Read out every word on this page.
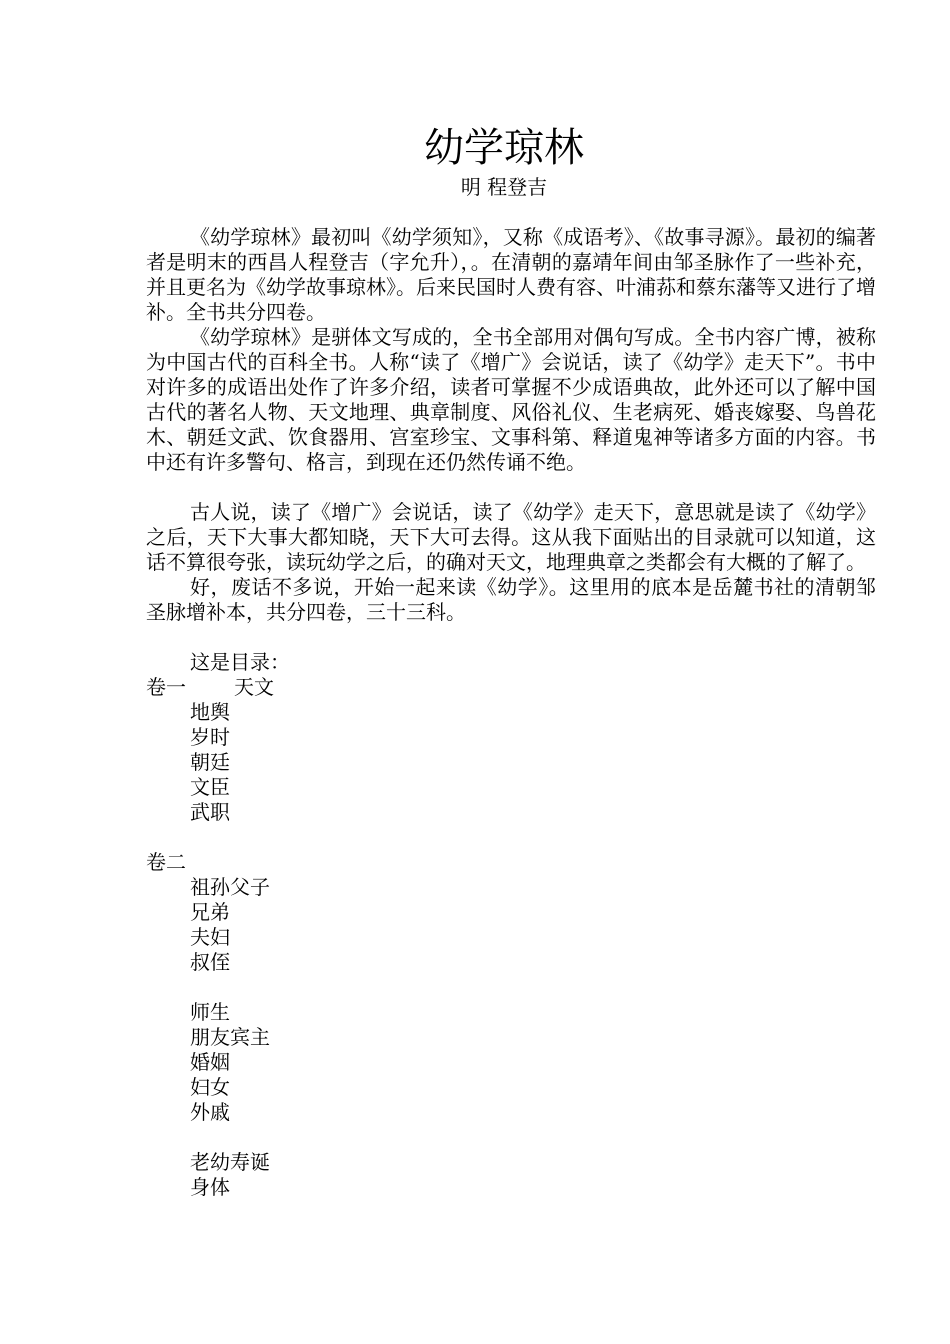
幼学琼林
明 程登吉

《幼学琼林》最初叫《幼学须知》，又称《成语考》、《故事寻源》。最初的编著者是明末的西昌人程登吉（字允升），。在清朝的嘉靖年间由邹圣脉作了一些补充，并且更名为《幼学故事琼林》。后来民国时人费有容、叶浦荪和蔡东藩等又进行了增补。全书共分四卷。

《幼学琼林》是骈体文写成的，全书全部用对偶句写成。全书内容广博，被称为中国古代的百科全书。人称“读了《增广》会说话，读了《幼学》走天下”。书中对许多的成语出处作了许多介绍，读者可掌握不少成语典故，此外还可以了解中国古代的著名人物、天文地理、典章制度、风俗礼仪、生老病死、婚丧嫁娶、鸟兽花木、朝廷文武、饮食器用、宫室珍宝、文事科第、释道鬼神等诸多方面的内容。书中还有许多警句、格言，到现在还仍然传诵不绝。

古人说，读了《增广》会说话，读了《幼学》走天下，意思就是读了《幼学》之后，天下大事大都知晓，天下大可去得。这从我下面贴出的目录就可以知道，这话不算很夸张，读玩幼学之后，的确对天文，地理典章之类都会有大概的了解了。

好，废话不多说，开始一起来读《幼学》。这里用的底本是岳麓书社的清朝邹圣脉增补本，共分四卷，三十三科。

这是目录：
卷一 天文
地舆
岁时
朝廷
文臣
武职
卷二
祖孙父子
兄弟
夫妇
叔侄
师生
朋友宾主
婚姻
妇女
外戚
老幼寿诞
身体
